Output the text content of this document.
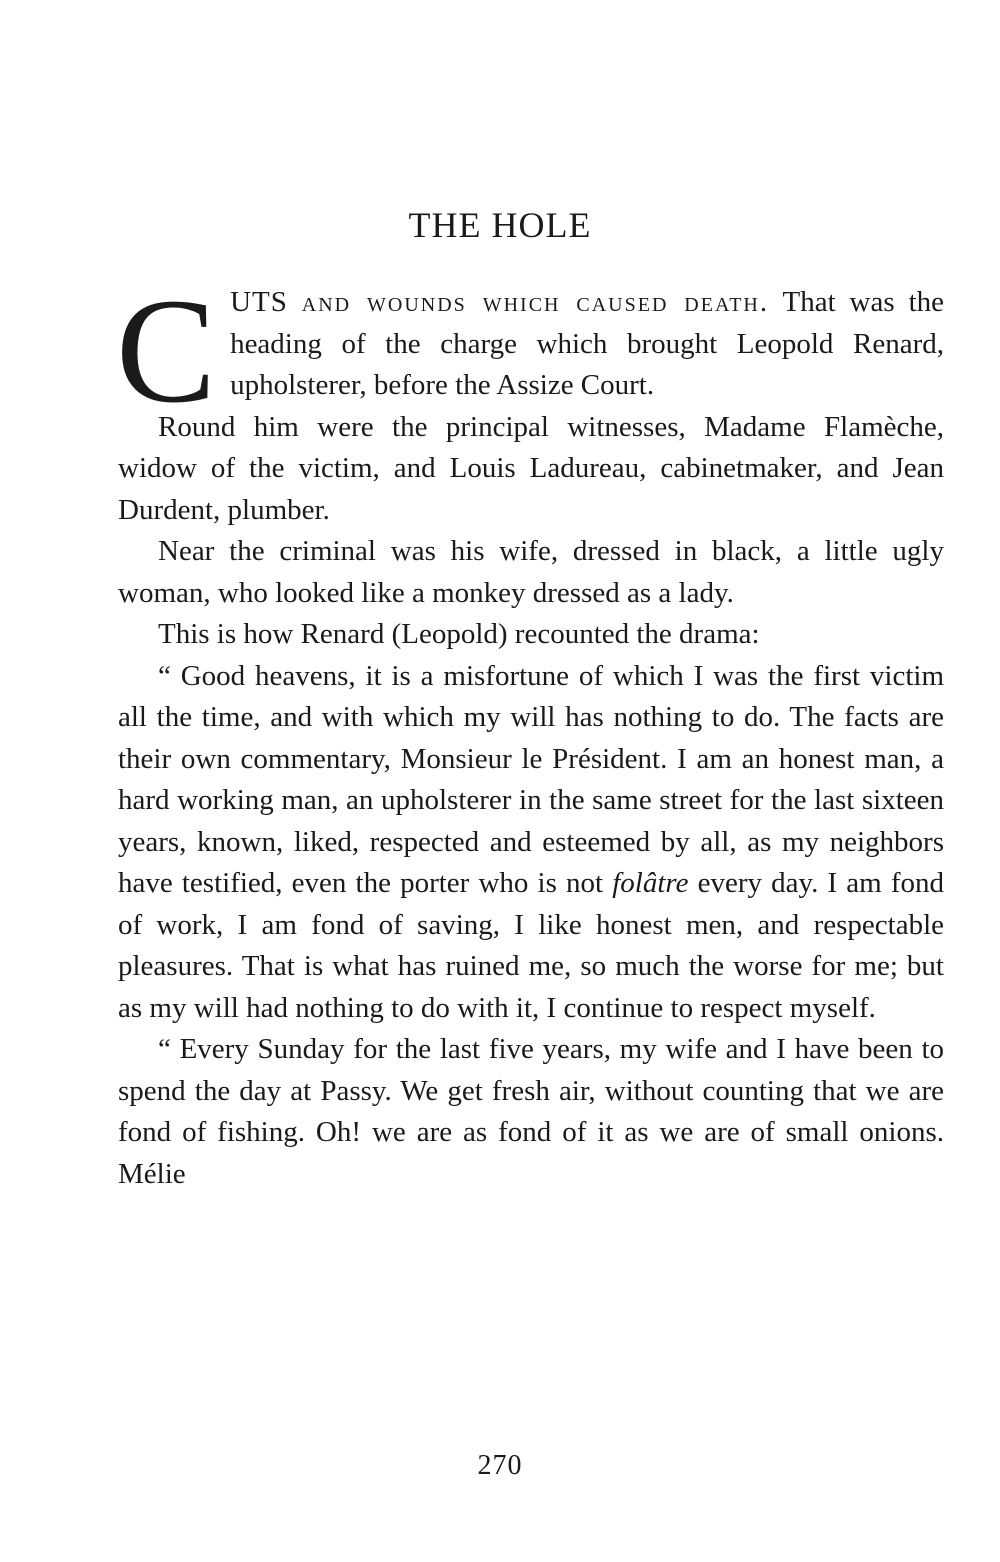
THE HOLE

CUTS and wounds which caused death. That was the heading of the charge which brought Leopold Renard, upholsterer, before the Assize Court.

Round him were the principal witnesses, Madame Flamèche, widow of the victim, and Louis Ladureau, cabinetmaker, and Jean Durdent, plumber.

Near the criminal was his wife, dressed in black, a little ugly woman, who looked like a monkey dressed as a lady.

This is how Renard (Leopold) recounted the drama:

“ Good heavens, it is a misfortune of which I was the first victim all the time, and with which my will has nothing to do. The facts are their own commentary, Monsieur le Président. I am an honest man, a hard working man, an upholsterer in the same street for the last sixteen years, known, liked, respected and esteemed by all, as my neighbors have testified, even the porter who is not folâtre every day. I am fond of work, I am fond of saving, I like honest men, and respectable pleasures. That is what has ruined me, so much the worse for me; but as my will had nothing to do with it, I continue to respect myself.

“ Every Sunday for the last five years, my wife and I have been to spend the day at Passy. We get fresh air, without counting that we are fond of fishing. Oh! we are as fond of it as we are of small onions. Mélie

270
